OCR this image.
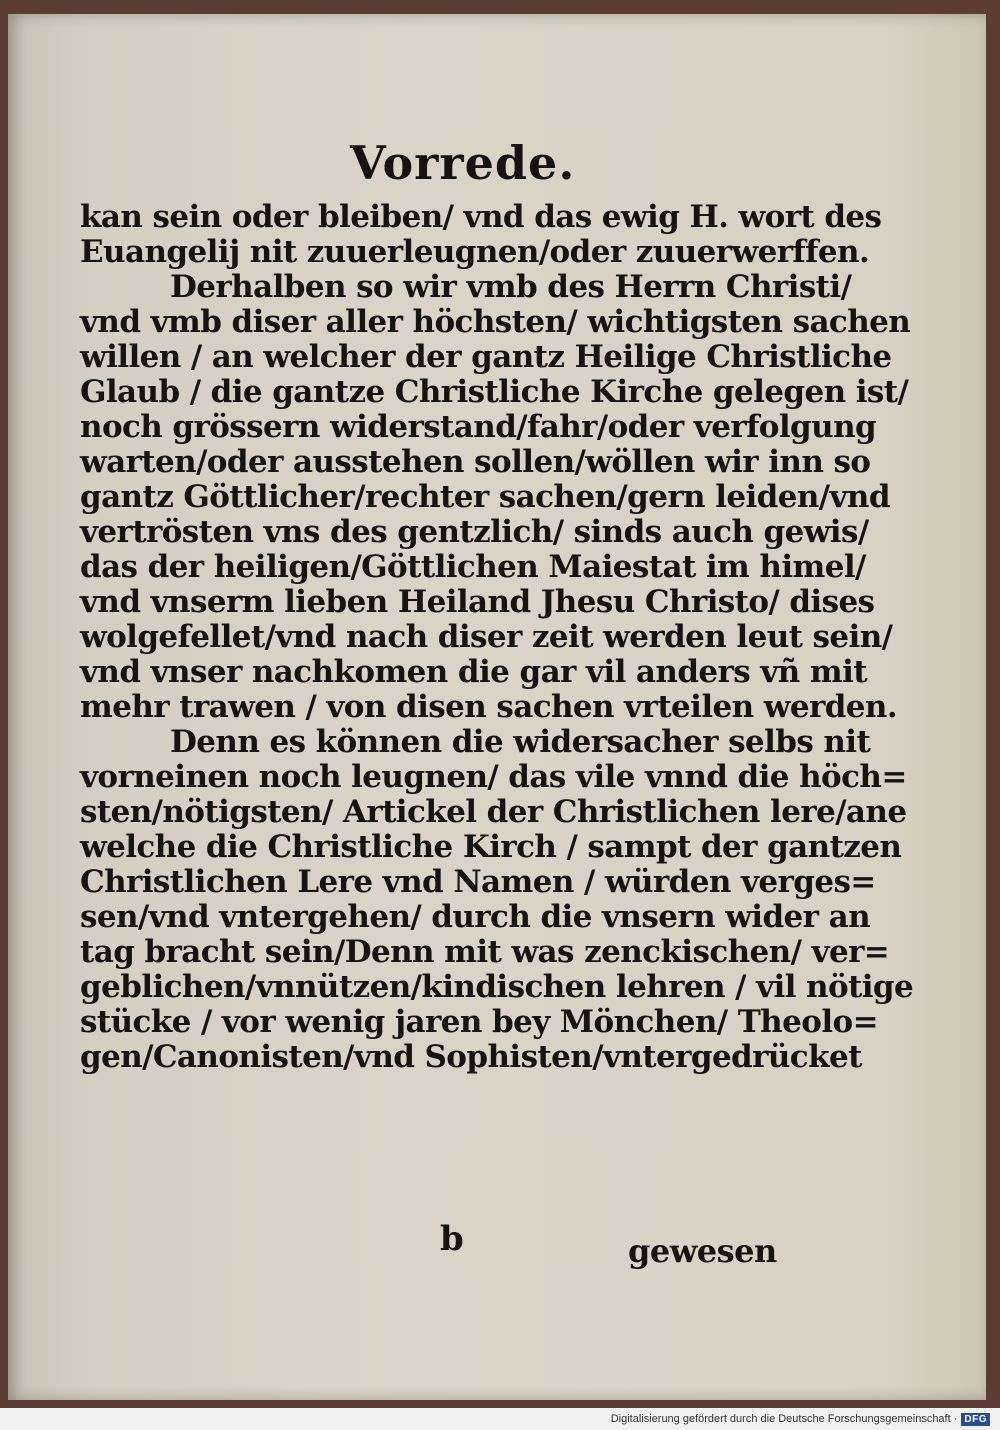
Vorrede.
kan sein oder bleiben/ vnd das ewig H. wort des
Euangelij nit zuuerleugnen/oder zuuerwerffen.
Derhalben so wir vmb des Herrn Christi/
vnd vmb diser aller höchsten/ wichtigsten sachen
willen / an welcher der gantz Heilige Christliche
Glaub / die gantze Christliche Kirche gelegen ist/
noch grössern widerstand/fahr/oder verfolgung
warten/oder ausstehen sollen/wöllen wir inn so
gantz Göttlicher/rechter sachen/gern leiden/vnd
vertrösten vns des gentzlich/ sinds auch gewis/
das der heiligen/Göttlichen Maiestat im himel/
vnd vnserm lieben Heiland Jhesu Christo/ dises
wolgefellet/vnd nach diser zeit werden leut sein/
vnd vnser nachkomen die gar vil anders vñ mit
mehr trawen / von disen sachen vrteilen werden.
Denn es können die widersacher selbs nit
vorneinen noch leugnen/ das vile vnnd die höch=
sten/nötigsten/ Artickel der Christlichen lere/ane
welche die Christliche Kirch / sampt der gantzen
Christlichen Lere vnd Namen / würden verges=
sen/vnd vntergehen/ durch die vnsern wider an
tag bracht sein/Denn mit was zenckischen/ ver=
geblichen/vnnützen/kindischen lehren / vil nötige
stücke / vor wenig jaren bey Mönchen/ Theolo=
gen/Canonisten/vnd Sophisten/vntergedrücket
b	gewesen
Digitalisierung gefördert durch die Deutsche Forschungsgemeinschaft · DFG
